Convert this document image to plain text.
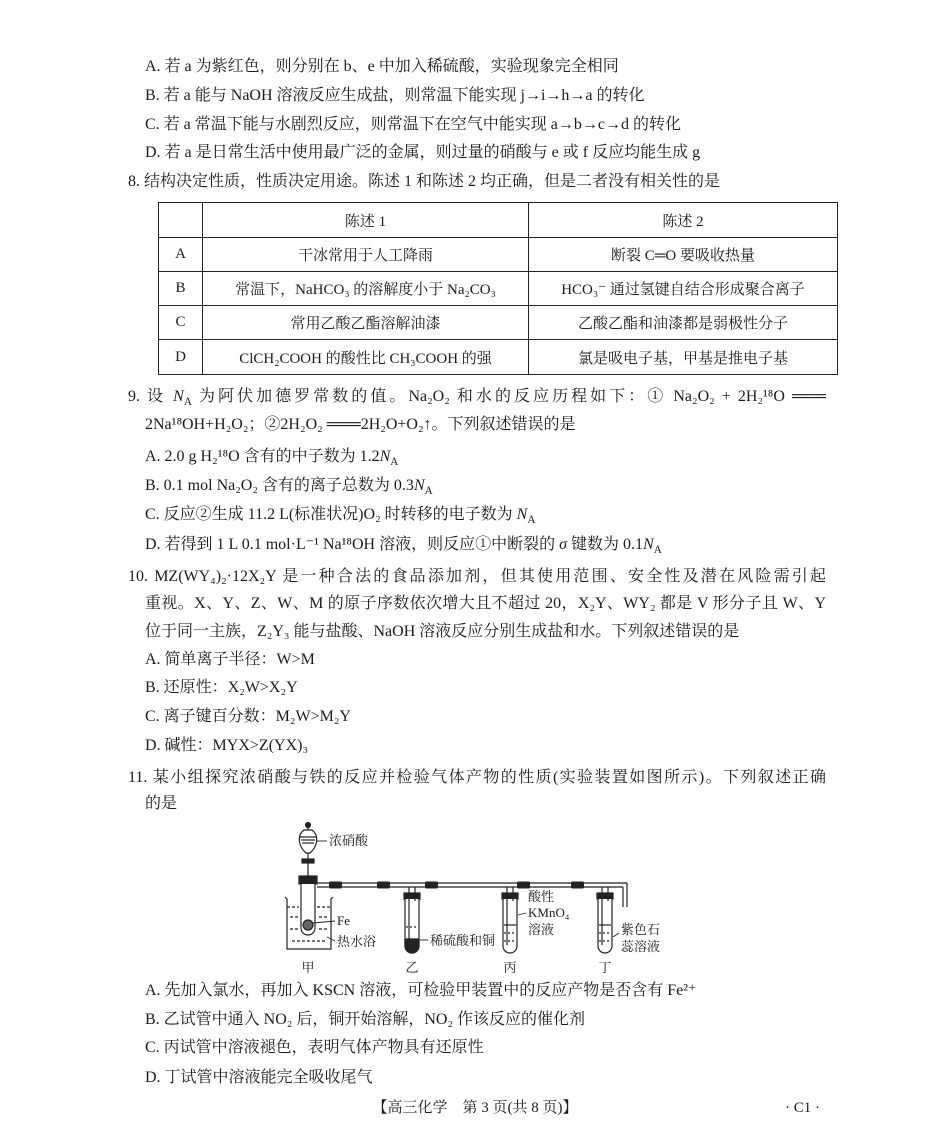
A. 若 a 为紫红色，则分别在 b、e 中加入稀硫酸，实验现象完全相同
B. 若 a 能与 NaOH 溶液反应生成盐，则常温下能实现 j→i→h→a 的转化
C. 若 a 常温下能与水剧烈反应，则常温下在空气中能实现 a→b→c→d 的转化
D. 若 a 是日常生活中使用最广泛的金属，则过量的硝酸与 e 或 f 反应均能生成 g
8. 结构决定性质，性质决定用途。陈述 1 和陈述 2 均正确，但是二者没有相关性的是
	陈述 1	陈述 2
A	干冰常用于人工降雨	断裂 C═O 要吸收热量
B	常温下，NaHCO₃ 的溶解度小于 Na₂CO₃	HCO₃⁻ 通过氢键自结合形成聚合离子
C	常用乙酸乙酯溶解油漆	乙酸乙酯和油漆都是弱极性分子
D	ClCH₂COOH 的酸性比 CH₃COOH 的强	氯是吸电子基，甲基是推电子基
9. 设 $N_A$ 为阿伏加德罗常数的值。Na₂O₂ 和水的反应历程如下：① Na₂O₂ + 2H₂¹⁸O ═══
2Na¹⁸OH+H₂O₂；②2H₂O₂ ═══2H₂O+O₂↑。下列叙述错误的是
A. 2.0 g H₂¹⁸O 含有的中子数为 $1.2N_A$
B. 0.1 mol Na₂O₂ 含有的离子总数为 $0.3N_A$
C. 反应②生成 11.2 L(标准状况)O₂ 时转移的电子数为 $N_A$
D. 若得到 1 L 0.1 mol·L⁻¹ Na¹⁸OH 溶液，则反应①中断裂的 σ 键数为 $0.1N_A$
10. MZ(WY₄)₂·12X₂Y 是一种合法的食品添加剂，但其使用范围、安全性及潜在风险需引起
重视。X、Y、Z、W、M 的原子序数依次增大且不超过 20，X₂Y、WY₂ 都是 V 形分子且 W、Y
位于同一主族，Z₂Y₃ 能与盐酸、NaOH 溶液反应分别生成盐和水。下列叙述错误的是
A. 简单离子半径：W>M
B. 还原性：X₂W>X₂Y
C. 离子键百分数：M₂W>M₂Y
D. 碱性：MYX>Z(YX)₃
11. 某小组探究浓硝酸与铁的反应并检验气体产物的性质(实验装置如图所示)。下列叙述正确
的是
浓硝酸
Fe
热水浴	稀硫酸和铜
酸性
KMnO₄
溶液	紫色石
蕊溶液
甲	乙	丙	丁
A. 先加入氯水，再加入 KSCN 溶液，可检验甲装置中的反应产物是否含有 Fe²⁺
B. 乙试管中通入 NO₂ 后，铜开始溶解，NO₂ 作该反应的催化剂
C. 丙试管中溶液褪色，表明气体产物具有还原性
D. 丁试管中溶液能完全吸收尾气
【高三化学　第 3 页(共 8 页)】	· C1 ·
